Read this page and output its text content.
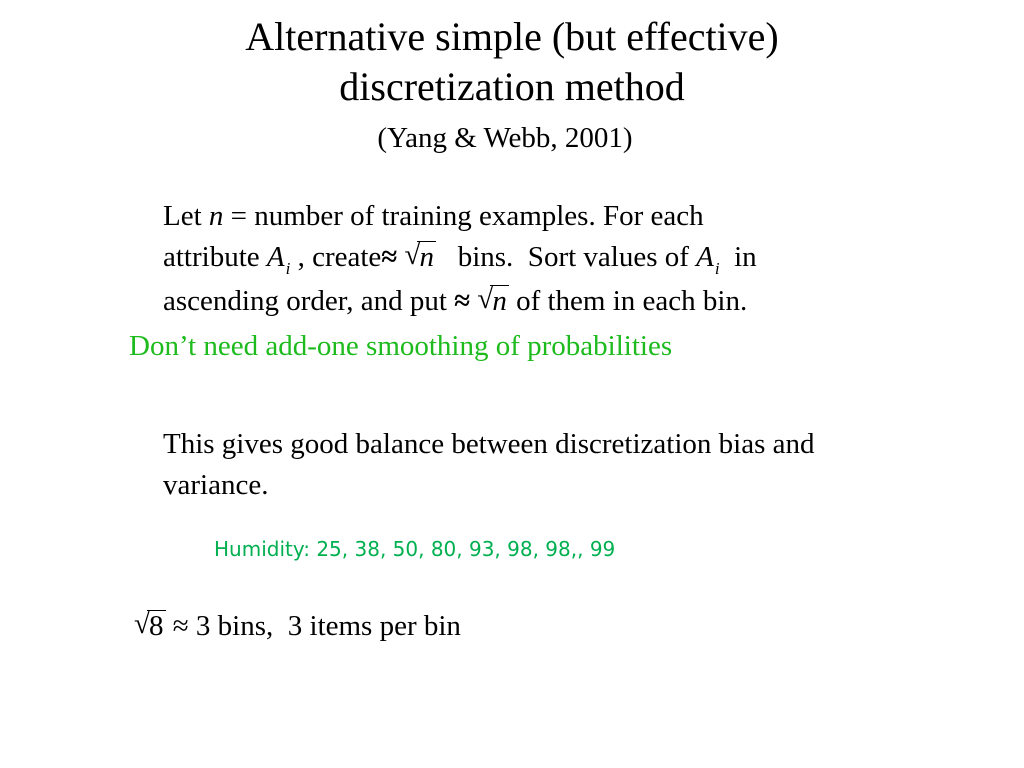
Alternative simple (but effective)
discretization method
(Yang & Webb, 2001)
Let n = number of training examples. For each
attribute $A_i$ , create≈ √ n   bins.  Sort values of $A_i$  in
ascending order, and put ≈ √ n of them in each bin.
Don’t need add-one smoothing of probabilities
This gives good balance between discretization bias and
variance.
Humidity: 25, 38, 50, 80, 93, 98, 98,, 99
√ 8 ≈ 3 bins,  3 items per bin
